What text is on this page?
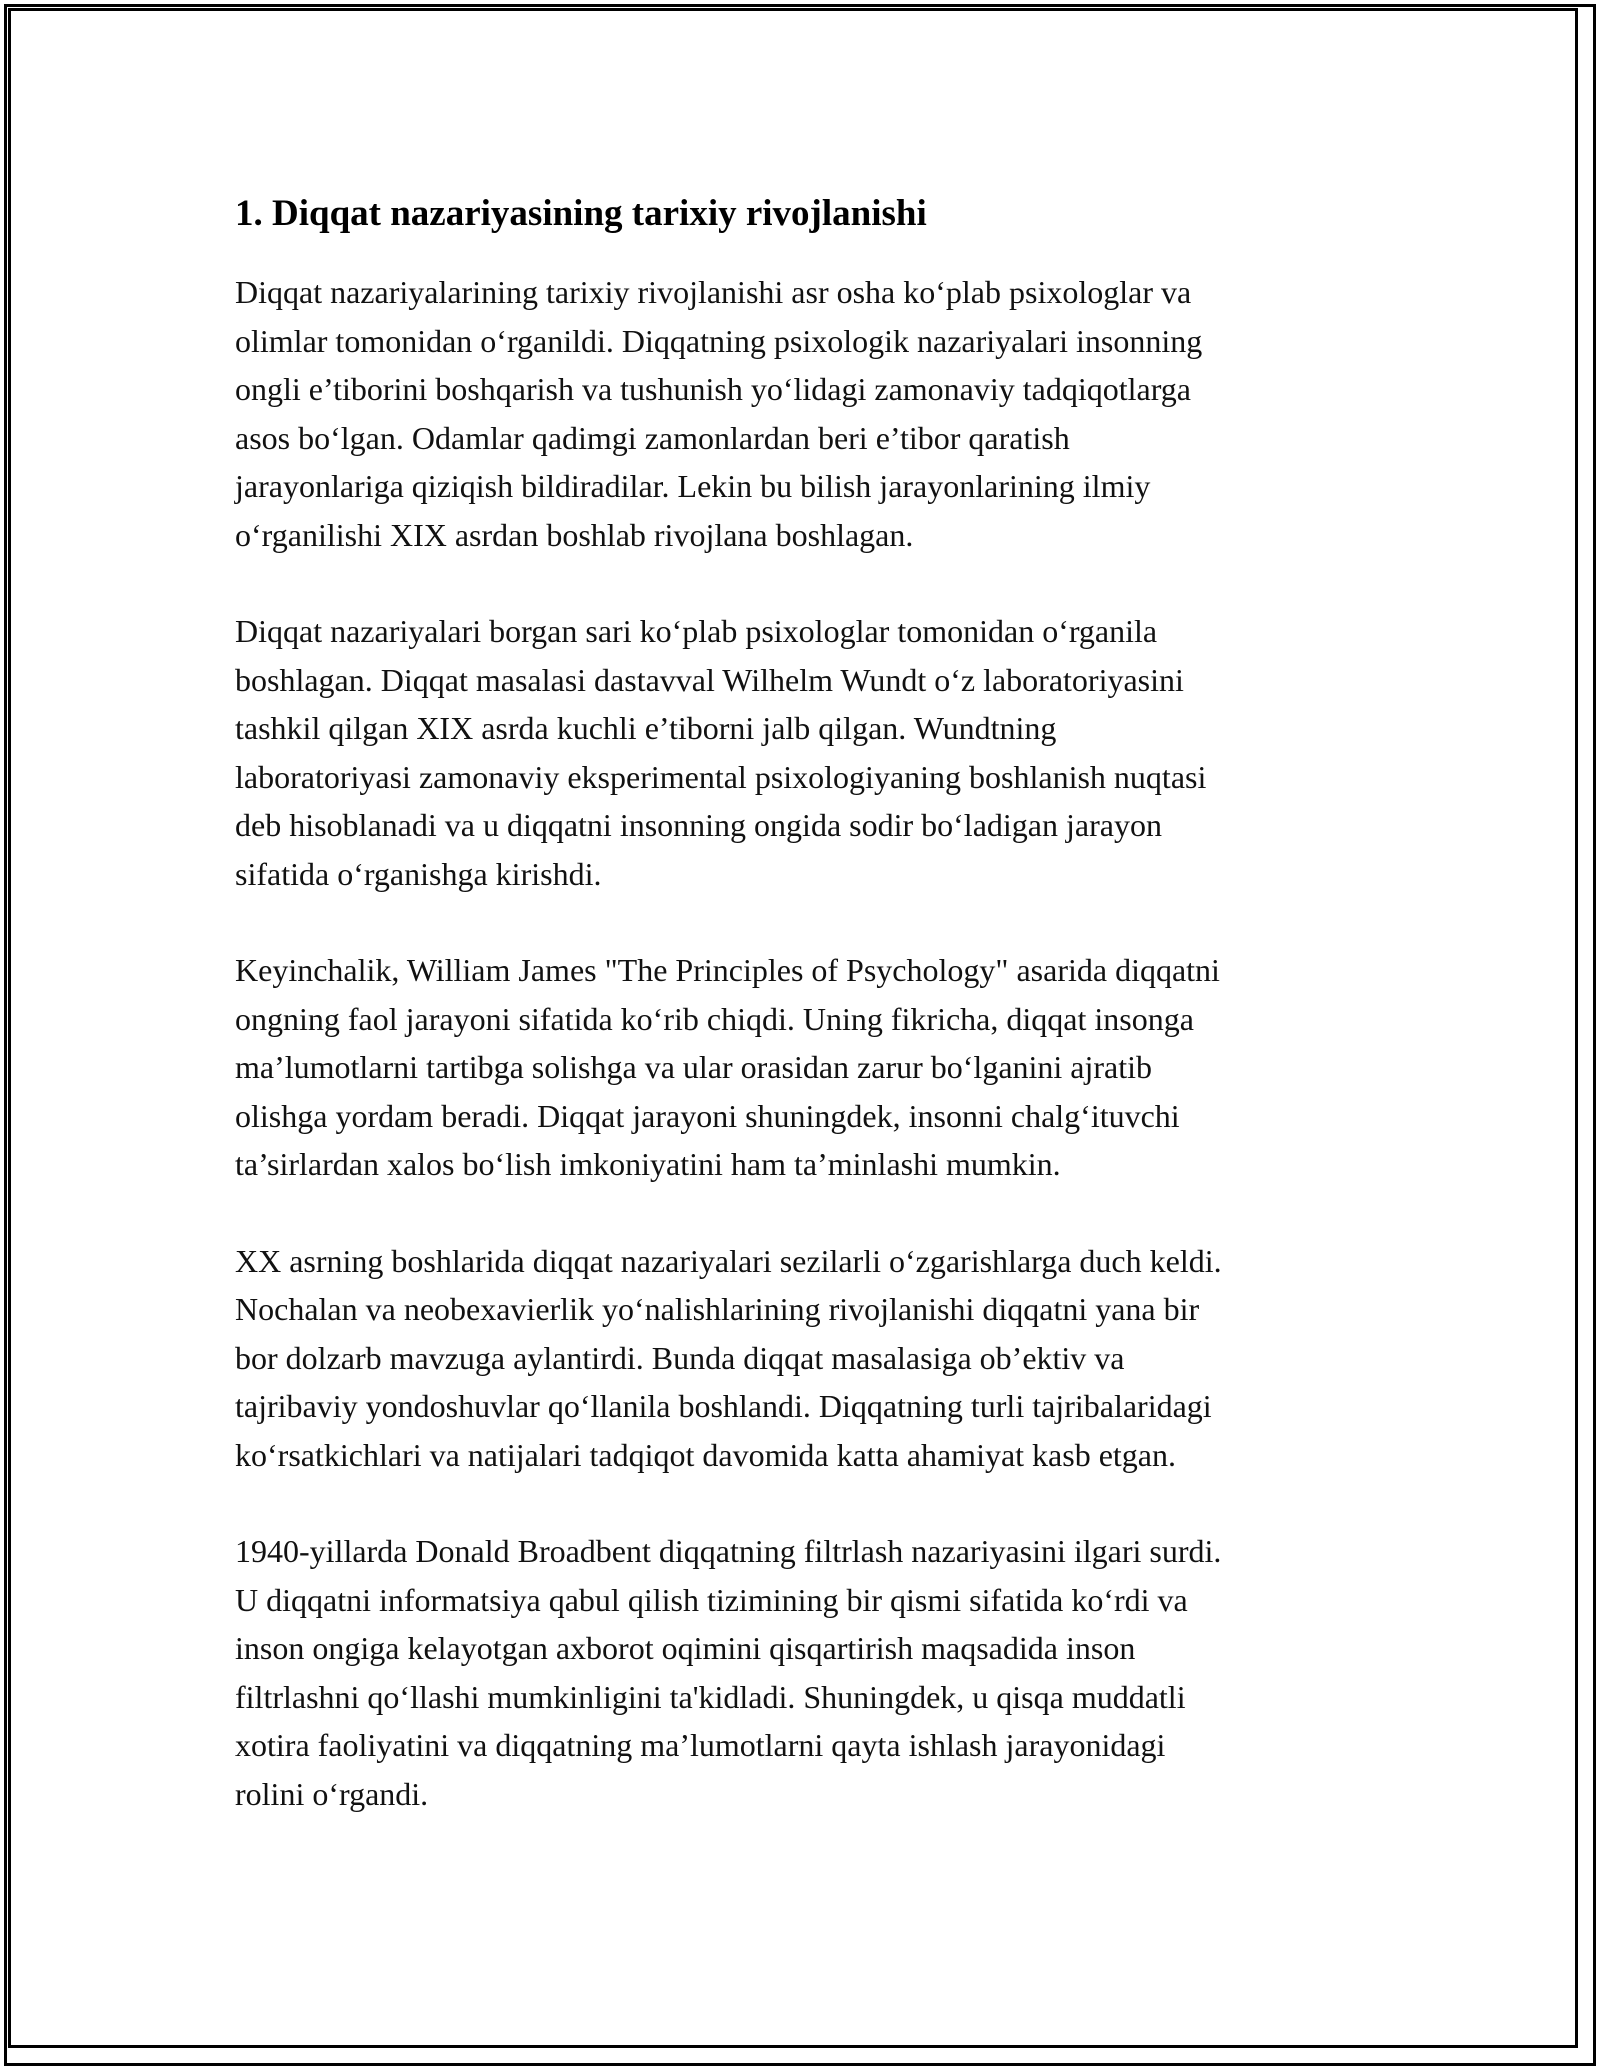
1. Diqqat nazariyasining tarixiy rivojlanishi

Diqqat nazariyalarining tarixiy rivojlanishi asr osha ko‘plab psixologlar va
olimlar tomonidan o‘rganildi. Diqqatning psixologik nazariyalari insonning
ongli e’tiborini boshqarish va tushunish yo‘lidagi zamonaviy tadqiqotlarga
asos bo‘lgan. Odamlar qadimgi zamonlardan beri e’tibor qaratish
jarayonlariga qiziqish bildiradilar. Lekin bu bilish jarayonlarining ilmiy
o‘rganilishi XIX asrdan boshlab rivojlana boshlagan.

Diqqat nazariyalari borgan sari ko‘plab psixologlar tomonidan o‘rganila
boshlagan. Diqqat masalasi dastavval Wilhelm Wundt o‘z laboratoriyasini
tashkil qilgan XIX asrda kuchli e’tiborni jalb qilgan. Wundtning
laboratoriyasi zamonaviy eksperimental psixologiyaning boshlanish nuqtasi
deb hisoblanadi va u diqqatni insonning ongida sodir bo‘ladigan jarayon
sifatida o‘rganishga kirishdi.

Keyinchalik, William James "The Principles of Psychology" asarida diqqatni
ongning faol jarayoni sifatida ko‘rib chiqdi. Uning fikricha, diqqat insonga
ma’lumotlarni tartibga solishga va ular orasidan zarur bo‘lganini ajratib
olishga yordam beradi. Diqqat jarayoni shuningdek, insonni chalg‘ituvchi
ta’sirlardan xalos bo‘lish imkoniyatini ham ta’minlashi mumkin.

XX asrning boshlarida diqqat nazariyalari sezilarli o‘zgarishlarga duch keldi.
Nochalan va neobexavierlik yo‘nalishlarining rivojlanishi diqqatni yana bir
bor dolzarb mavzuga aylantirdi. Bunda diqqat masalasiga ob’ektiv va
tajribaviy yondoshuvlar qo‘llanila boshlandi. Diqqatning turli tajribalaridagi
ko‘rsatkichlari va natijalari tadqiqot davomida katta ahamiyat kasb etgan.

1940-yillarda Donald Broadbent diqqatning filtrlash nazariyasini ilgari surdi.
U diqqatni informatsiya qabul qilish tizimining bir qismi sifatida ko‘rdi va
inson ongiga kelayotgan axborot oqimini qisqartirish maqsadida inson
filtrlashni qo‘llashi mumkinligini ta'kidladi. Shuningdek, u qisqa muddatli
xotira faoliyatini va diqqatning ma’lumotlarni qayta ishlash jarayonidagi
rolini o‘rgandi.
